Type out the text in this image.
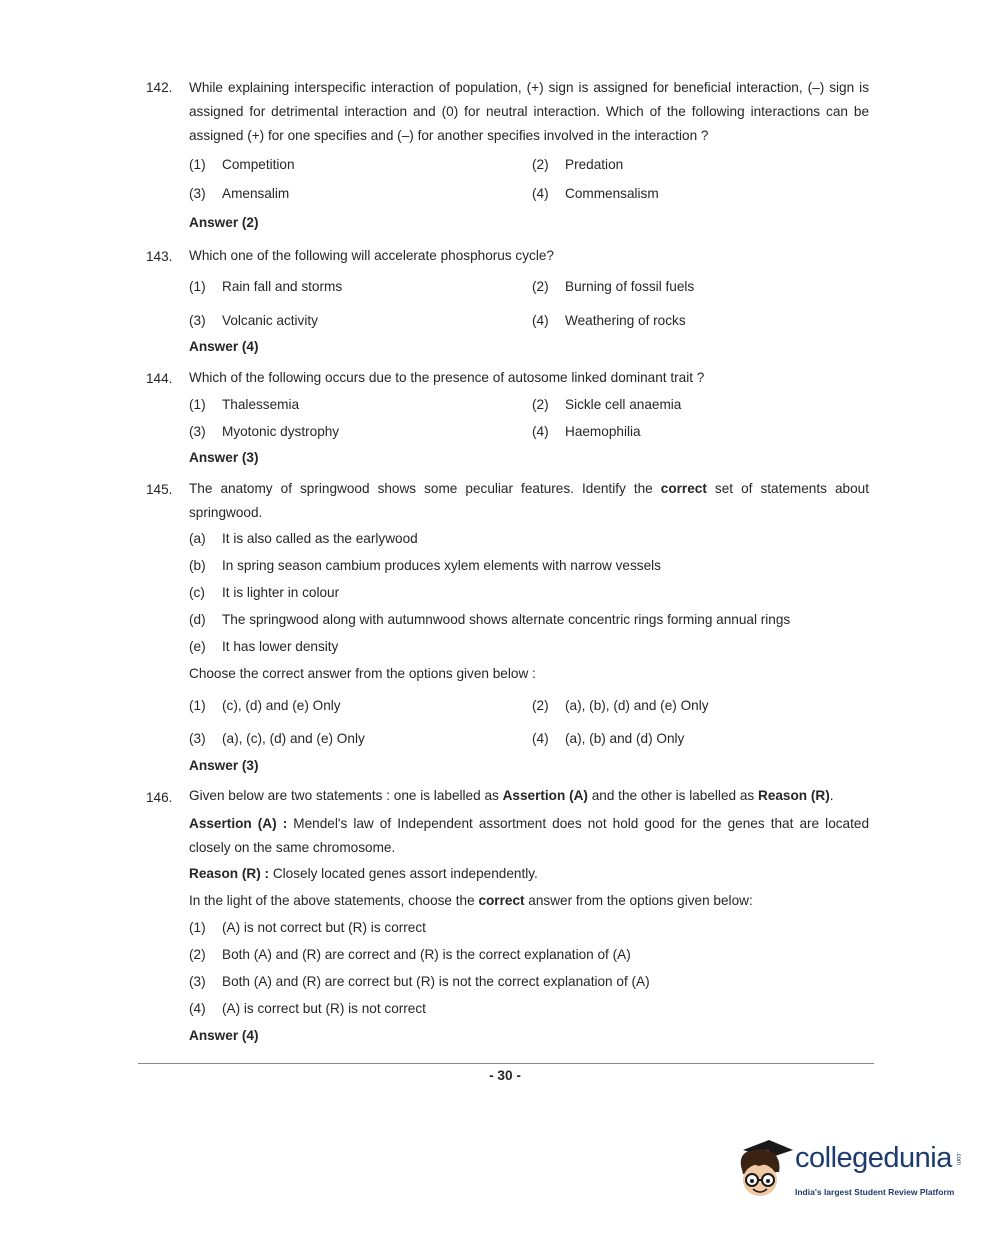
142.	While explaining interspecific interaction of population, (+) sign is assigned for beneficial interaction, (–) sign is assigned for detrimental interaction and (0) for neutral interaction. Which of the following interactions can be assigned (+) for one specifies and (–) for another specifies involved in the interaction ?
(1) Competition	(2) Predation
(3) Amensalim	(4) Commensalism
Answer (2)
143.	Which one of the following will accelerate phosphorus cycle?
(1) Rain fall and storms	(2) Burning of fossil fuels
(3) Volcanic activity	(4) Weathering of rocks
Answer (4)
144.	Which of the following occurs due to the presence of autosome linked dominant trait ?
(1) Thalessemia	(2) Sickle cell anaemia
(3) Myotonic dystrophy	(4) Haemophilia
Answer (3)
145.	The anatomy of springwood shows some peculiar features. Identify the correct set of statements about springwood.
(a) It is also called as the earlywood
(b) In spring season cambium produces xylem elements with narrow vessels
(c) It is lighter in colour
(d) The springwood along with autumnwood shows alternate concentric rings forming annual rings
(e) It has lower density
Choose the correct answer from the options given below :
(1) (c), (d) and (e) Only	(2) (a), (b), (d) and (e) Only
(3) (a), (c), (d) and (e) Only	(4) (a), (b) and (d) Only
Answer (3)
146.	Given below are two statements : one is labelled as Assertion (A) and the other is labelled as Reason (R).
Assertion (A) : Mendel's law of Independent assortment does not hold good for the genes that are located closely on the same chromosome.
Reason (R) : Closely located genes assort independently.
In the light of the above statements, choose the correct answer from the options given below:
(1) (A) is not correct but (R) is correct
(2) Both (A) and (R) are correct and (R) is the correct explanation of (A)
(3) Both (A) and (R) are correct but (R) is not the correct explanation of (A)
(4) (A) is correct but (R) is not correct
Answer (4)
- 30 -
collegedunia .com
India's largest Student Review Platform
